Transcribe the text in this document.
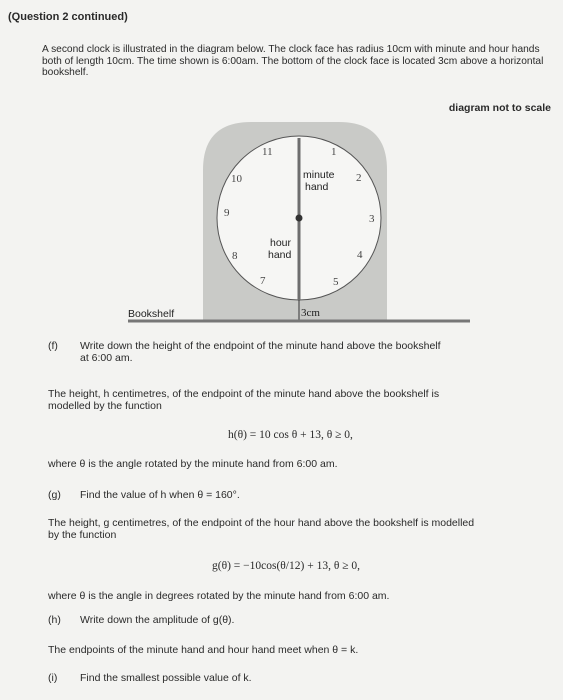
(Question 2 continued)
A second clock is illustrated in the diagram below. The clock face has radius 10cm with minute and hour hands both of length 10cm. The time shown is 6:00am. The bottom of the clock face is located 3cm above a horizontal bookshelf.
diagram not to scale
11	1
10	2
9	3
8	4
7	5
minute
hand
hour
hand
3cm
Bookshelf
(f) Write down the height of the endpoint of the minute hand above the bookshelf
at 6:00 am.
The height, h centimetres, of the endpoint of the minute hand above the bookshelf is
modelled by the function
h(θ) = 10 cos θ + 13, θ ≥ 0,
where θ is the angle rotated by the minute hand from 6:00 am.
(g) Find the value of h when θ = 160°.
The height, g centimetres, of the endpoint of the hour hand above the bookshelf is modelled
by the function
g(θ) = −10cos(θ/12) + 13, θ ≥ 0,
where θ is the angle in degrees rotated by the minute hand from 6:00 am.
(h) Write down the amplitude of g(θ).
The endpoints of the minute hand and hour hand meet when θ = k.
(i) Find the smallest possible value of k.
